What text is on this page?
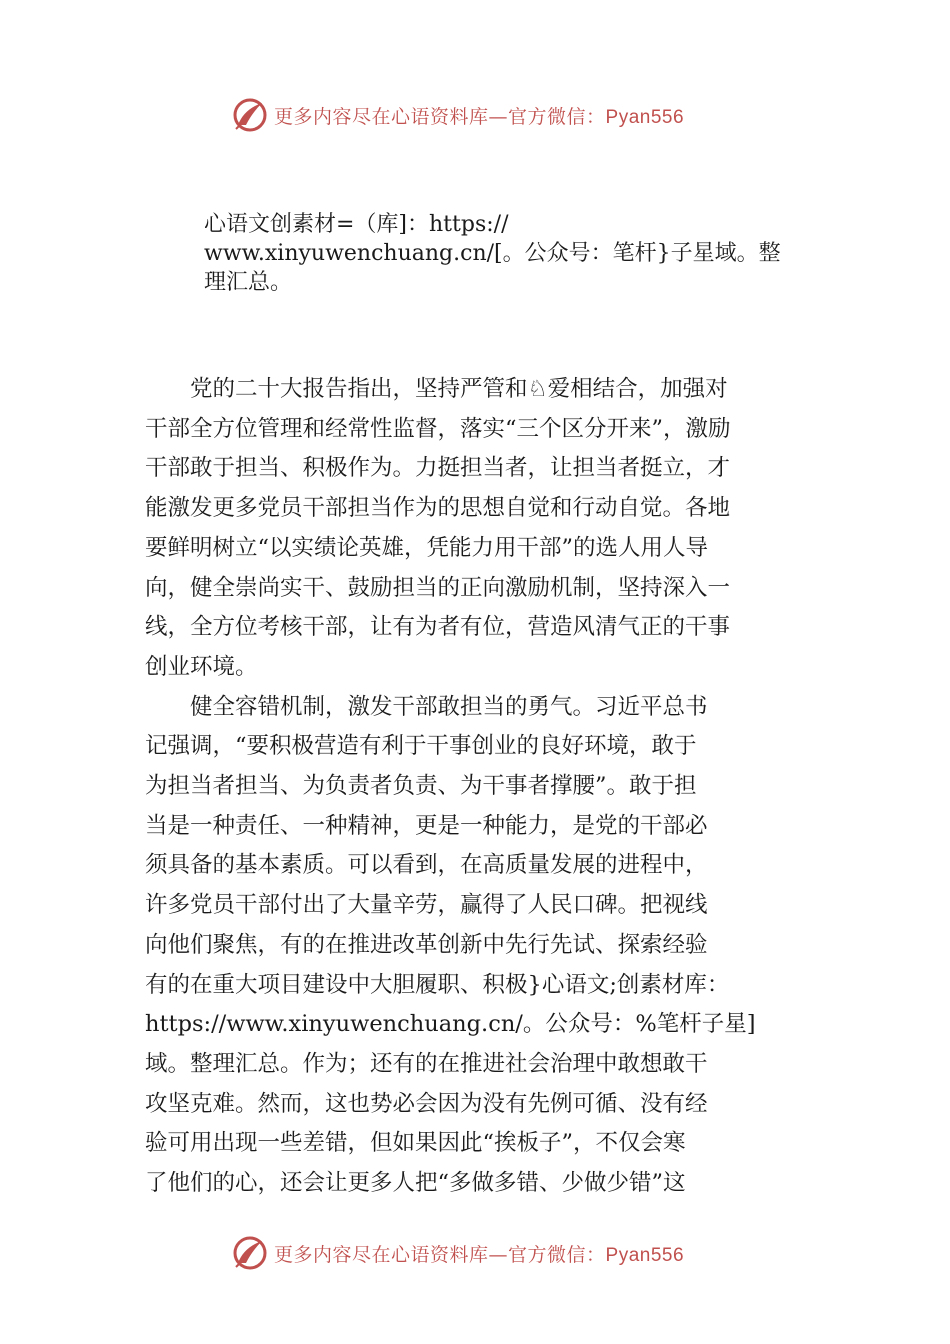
更多内容尽在心语资料库—官方微信：Pyan556
心语文创素材=（库]：https://
www.xinyuwenchuang.cn/[。公众号：笔杆}子星域。整
理汇总。
　　党的二十大报告指出，坚持严管和♘爱相结合，加强对
干部全方位管理和经常性监督，落实“三个区分开来”，激励
干部敢于担当、积极作为。力挺担当者，让担当者挺立，才
能激发更多党员干部担当作为的思想自觉和行动自觉。各地
要鲜明树立“以实绩论英雄，凭能力用干部”的选人用人导
向，健全崇尚实干、鼓励担当的正向激励机制，坚持深入一
线，全方位考核干部，让有为者有位，营造风清气正的干事
创业环境。
　　健全容错机制，激发干部敢担当的勇气。习近平总书
记强调，“要积极营造有利于干事创业的良好环境，敢于
为担当者担当、为负责者负责、为干事者撑腰”。敢于担
当是一种责任、一种精神，更是一种能力，是党的干部必
须具备的基本素质。可以看到，在高质量发展的进程中，
许多党员干部付出了大量辛劳，赢得了人民口碑。把视线
向他们聚焦，有的在推进改革创新中先行先试、探索经验
有的在重大项目建设中大胆履职、积极}心语文;创素材库：
https://www.xinyuwenchuang.cn/。公众号：%笔杆子星]
域。整理汇总。作为；还有的在推进社会治理中敢想敢干
攻坚克难。然而，这也势必会因为没有先例可循、没有经
验可用出现一些差错，但如果因此“挨板子”，不仅会寒
了他们的心，还会让更多人把“多做多错、少做少错”这
更多内容尽在心语资料库—官方微信：Pyan556
